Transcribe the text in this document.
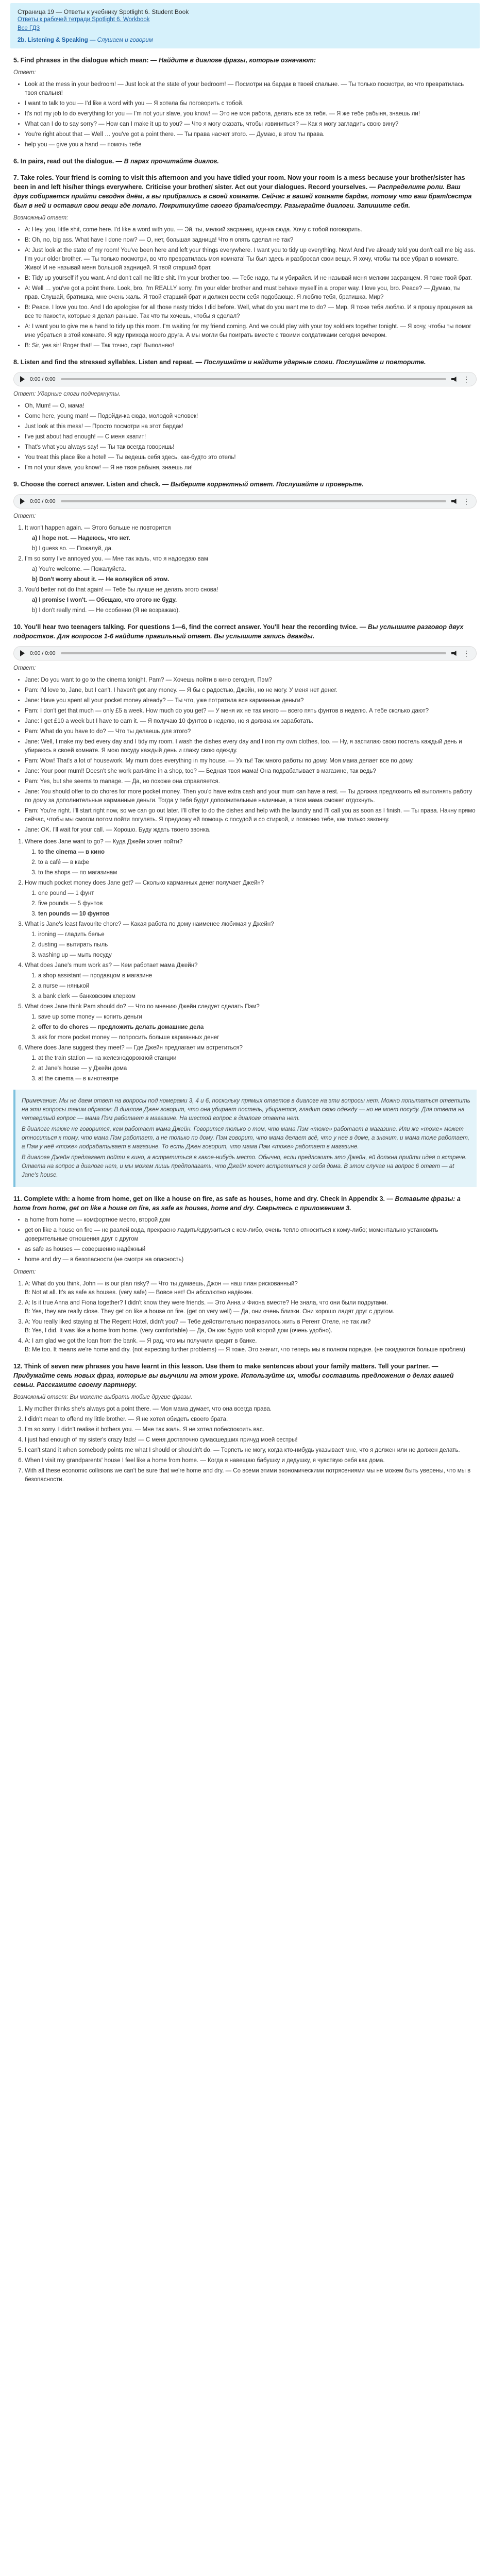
Страница 19 — Ответы к учебнику Spotlight 6. Student Book
Ответы к рабочей тетради Spotlight 6. Workbook
Все ГДЗ
2b. Listening & Speaking — Слушаем и говорим
5. Find phrases in the dialogue which mean: — Найдите в диалоге фразы, которые означают:
Ответ:
• Look at the mess in your bedroom! — Just look at the state of your bedroom! — Посмотри на бардак в твоей спальне. — Ты только посмотри, во что превратилась твоя спальня!
• I want to talk to you — I'd like a word with you — Я хотела бы поговорить с тобой.
• It's not my job to do everything for you — I'm not your slave, you know! — Это не моя работа, делать все за тебя. — Я же тебе рабыня, знаешь ли!
• What can I do to say sorry? — How can I make it up to you? — Что я могу сказать, чтобы извиниться? — Как я могу загладить свою вину?
• You're right about that — Well … you've got a point there. — Ты права насчет этого. — Думаю, в этом ты права.
• help you — give you a hand — помочь тебе
6. In pairs, read out the dialogue. — В парах прочитайте диалог.
7. Take roles. Your friend is coming to visit this afternoon and you have tidied your room. Now your room is a mess because your brother/sister has been in and left his/her things everywhere. Criticise your brother/ sister. Act out your dialogues. Record yourselves. — Распределите роли. Ваш друг собирается прийти сегодня днём, а вы прибрались в своей комнате. Сейчас в вашей комнате бардак, потому что ваш брат/сестра был в ней и оставил свои вещи где попало. Покритикуйте своего брата/сестру. Разыграйте диалоги. Запишите себя.
Возможный ответ:
• A: Hey, you, little shit, come here. I'd like a word with you. — Эй, ты, мелкий засранец, иди-ка сюда. Хочу с тобой поговорить.
• B: Oh, no, big ass. What have I done now? — О, нет, большая задница! Что я опять сделал не так?
• A: Just look at the state of my room! You've been here and left your things everywhere. I want you to tidy up everything. Now! And I've already told you don't call me big ass. I'm your older brother. — Ты только посмотри, во что превратилась моя комната! Ты был здесь и разбросал свои вещи. Я хочу, чтобы ты все убрал в комнате. Живо! И не называй меня большой задницей. Я твой старший брат.
• B: Tidy up yourself if you want. And don't call me little shit. I'm your brother too. — Тебе надо, ты и убирайся. И не называй меня мелким засранцем. Я тоже твой брат.
• A: Well … you've got a point there. Look, bro, I'm REALLY sorry. I'm your elder brother and must behave myself in a proper way. I love you, bro. Peace? — Думаю, ты прав. Слушай, братишка, мне очень жаль. Я твой старший брат и должен вести себя подобающе. Я люблю тебя, братишка. Мир?
• B: Peace. I love you too. And I do apologise for all those nasty tricks I did before. Well, what do you want me to do? — Мир. Я тоже тебя люблю. И я прошу прощения за все те пакости, которые я делал раньше. Так что ты хочешь, чтобы я сделал?
• A: I want you to give me a hand to tidy up this room. I'm waiting for my friend coming. And we could play with your toy soldiers together tonight. — Я хочу, чтобы ты помог мне убраться в этой комнате. Я жду прихода моего друга. А мы могли бы поиграть вместе с твоими солдатиками сегодня вечером.
• B: Sir, yes sir! Roger that! — Так точно, сэр! Выполняю!
8. Listen and find the stressed syllables. Listen and repeat. — Послушайте и найдите ударные слоги. Послушайте и повторите.
0:00 / 0:00	⋮
Ответ: Ударные слоги подчеркнуты.
• Oh, Mum! — О, мама!
• Come here, young man! — Подойди-ка сюда, молодой человек!
• Just look at this mess! — Просто посмотри на этот бардак!
• I've just about had enough! — С меня хватит!
• That's what you always say! — Ты так всегда говоришь!
• You treat this place like a hotel! — Ты ведешь себя здесь, как-будто это отель!
• I'm not your slave, you know! — Я не твоя рабыня, знаешь ли!
9. Choose the correct answer. Listen and check. — Выберите корректный ответ. Послушайте и проверьте.
0:00 / 0:00	⋮
Ответ:
1. It won't happen again. — Этого больше не повторится
a) I hope not. — Надеюсь, что нет.
b) I guess so. — Пожалуй, да.
2. I'm so sorry I've annoyed you. — Мне так жаль, что я надоедаю вам
a) You're welcome. — Пожалуйста.
b) Don't worry about it. — Не волнуйся об этом.
3. You'd better not do that again! — Тебе бы лучше не делать этого снова!
a) I promise I won't. — Обещаю, что этого не буду.
b) I don't really mind. — Не особенно (Я не возражаю).
10. You'll hear two teenagers talking. For questions 1—6, find the correct answer. You'll hear the recording twice. — Вы услышите разговор двух подростков. Для вопросов 1-6 найдите правильный ответ. Вы услышите запись дважды.
0:00 / 0:00	⋮
Ответ:
• Jane: Do you want to go to the cinema tonight, Pam? — Хочешь пойти в кино сегодня, Пэм?
• Pam: I'd love to, Jane, but I can't. I haven't got any money. — Я бы с радостью, Джейн, но не могу. У меня нет денег.
• Jane: Have you spent all your pocket money already? — Ты что, уже потратила все карманные деньги?
• Pam: I don't get that much — only £5 a week. How much do you get? — У меня их не так много — всего пять фунтов в неделю. А тебе сколько дают?
• Jane: I get £10 a week but I have to earn it. — Я получаю 10 фунтов в неделю, но я должна их заработать.
• Pam: What do you have to do? — Что ты делаешь для этого?
• Jane: Well, I make my bed every day and I tidy my room. I wash the dishes every day and I iron my own clothes, too. — Ну, я застилаю свою постель каждый день и убираюсь в своей комнате. Я мою посуду каждый день и глажу свою одежду.
• Pam: Wow! That's a lot of housework. My mum does everything in my house. — Ух ты! Так много работы по дому. Моя мама делает все по дому.
• Jane: Your poor mum!! Doesn't she work part-time in a shop, too? — Бедная твоя мама! Она подрабатывает в магазине, так ведь?
• Pam: Yes, but she seems to manage. — Да, но похоже она справляется.
• Jane: You should offer to do chores for more pocket money. Then you'd have extra cash and your mum can have a rest. — Ты должна предложить ей выполнять работу по дому за дополнительные карманные деньги. Тогда у тебя будут дополнительные наличные, а твоя мама сможет отдохнуть.
• Pam: You're right. I'll start right now, so we can go out later. I'll offer to do the dishes and help with the laundry and I'll call you as soon as I finish. — Ты права. Начну прямо сейчас, чтобы мы смогли потом пойти погулять. Я предложу ей помощь с посудой и со стиркой, и позвоню тебе, как только закончу.
• Jane: OK. I'll wait for your call. — Хорошо. Буду ждать твоего звонка.
1. Where does Jane want to go? — Куда Джейн хочет пойти?
1. to the cinema — в кино
2. to a café — в кафе
3. to the shops — по магазинам
2. How much pocket money does Jane get? — Сколько карманных денег получает Джейн?
1. one pound — 1 фунт
2. five pounds — 5 фунтов
3. ten pounds — 10 фунтов
3. What is Jane's least favourite chore? — Какая работа по дому наименее любимая у Джейн?
1. ironing — гладить белье
2. dusting — вытирать пыль
3. washing up — мыть посуду
4. What does Jane's mum work as? — Кем работает мама Джейн?
1. a shop assistant — продавцом в магазине
2. a nurse — нянькой
3. a bank clerk — банковским клерком
5. What does Jane think Pam should do? — Что по мнению Джейн следует сделать Пэм?
1. save up some money — копить деньги
2. offer to do chores — предложить делать домашние дела
3. ask for more pocket money — попросить больше карманных денег
6. Where does Jane suggest they meet? — Где Джейн предлагает им встретиться?
1. at the train station — на железнодорожной станции
2. at Jane's house — у Джейн дома
3. at the cinema — в кинотеатре

Примечание: Мы не даем ответ на вопросы под номерами 3, 4 и 6, поскольку прямых ответов в диалоге на эти вопросы нет. Можно попытаться ответить на эти вопросы таким образом: В диалоге Джен говорит, что она убирает постель, убирается, гладит свою одежду — но не моет посуду. Для ответа на четвертый вопрос — мама Пэм работает в магазине. На шестой вопрос в диалоге ответа нет.

В диалоге также не говорится, кем работает мама Джейн. Говорится только о том, что мама Пэм «тоже» работает в магазине. Или же «тоже» может относиться к тому, что мама Пэм работает, а не только по дому. Пэм говорит, что мама делает всё, что у неё в доме, а значит, и мама тоже работает, а Пэм у неё «тоже» подрабатывает в магазине. То есть Джен говорит, что мама Пэм «тоже» работает в магазине.

В диалоге Джейн предлагает пойти в кино, а встретиться в какое-нибудь место. Обычно, если предложить это Джейн, ей должна прийти идея о встрече. Ответа на вопрос в диалоге нет, и мы можем лишь предполагать, что Джейн хочет встретиться у себя дома. В этом случае на вопрос 6 ответ — at Jane's house.

11. Complete with: a home from home, get on like a house on fire, as safe as houses, home and dry. Check in Appendix 3. — Вставьте фразы: a home from home, get on like a house on fire, as safe as houses, home and dry. Сверьтесь с приложением 3.
• a home from home — комфортное место, второй дом
• get on like a house on fire — не разлей вода, прекрасно ладить/сдружиться с кем-либо, очень тепло относиться к кому-либо; моментально установить доверительные отношения друг с другом
• as safe as houses — совершенно надёжный
• home and dry — в безопасности (не смотря на опасность)
Ответ:
1. A: What do you think, John — is our plan risky? — Что ты думаешь, Джон — наш план рискованный?
B: Not at all. It's as safe as houses. (very safe) — Вовсе нет! Он абсолютно надёжен.
2. A: Is it true Anna and Fiona together? I didn't know they were friends. — Это Анна и Фиона вместе? Не знала, что они были подругами.
B: Yes, they are really close. They get on like a house on fire. (get on very well) — Да, они очень близки. Они хорошо ладят друг с другом.
3. A: You really liked staying at The Regent Hotel, didn't you? — Тебе действительно понравилось жить в Регент Отеле, не так ли?
B: Yes, I did. It was like a home from home. (very comfortable) — Да, Он как будто мой второй дом (очень удобно).
4. A: I am glad we got the loan from the bank. — Я рад, что мы получили кредит в банке.
B: Me too. It means we're home and dry. (not expecting further problems) — Я тоже. Это значит, что теперь мы в полном порядке. (не ожидаются больше проблем)
12. Think of seven new phrases you have learnt in this lesson. Use them to make sentences about your family matters. Tell your partner. — Придумайте семь новых фраз, которые вы выучили на этом уроке. Используйте их, чтобы составить предложения о делах вашей семьи. Расскажите своему партнеру.
Возможный ответ: Вы можете выбрать любые другие фразы.
1. My mother thinks she's always got a point there. — Моя мама думает, что она всегда права.
2. I didn't mean to offend my little brother. — Я не хотел обидеть своего брата.
3. I'm so sorry. I didn't realise it bothers you. — Мне так жаль. Я не хотел побеспокоить вас.
4. I just had enough of my sister's crazy fads! — С меня достаточно сумасшедших причуд моей сестры!
5. I can't stand it when somebody points me what I should or shouldn't do. — Терпеть не могу, когда кто-нибудь указывает мне, что я должен или не должен делать.
6. When I visit my grandparents' house I feel like a home from home. — Когда я навещаю бабушку и дедушку, я чувствую себя как дома.
7. With all these economic collisions we can't be sure that we're home and dry. — Со всеми этими экономическими потрясениями мы не можем быть уверены, что мы в безопасности.
